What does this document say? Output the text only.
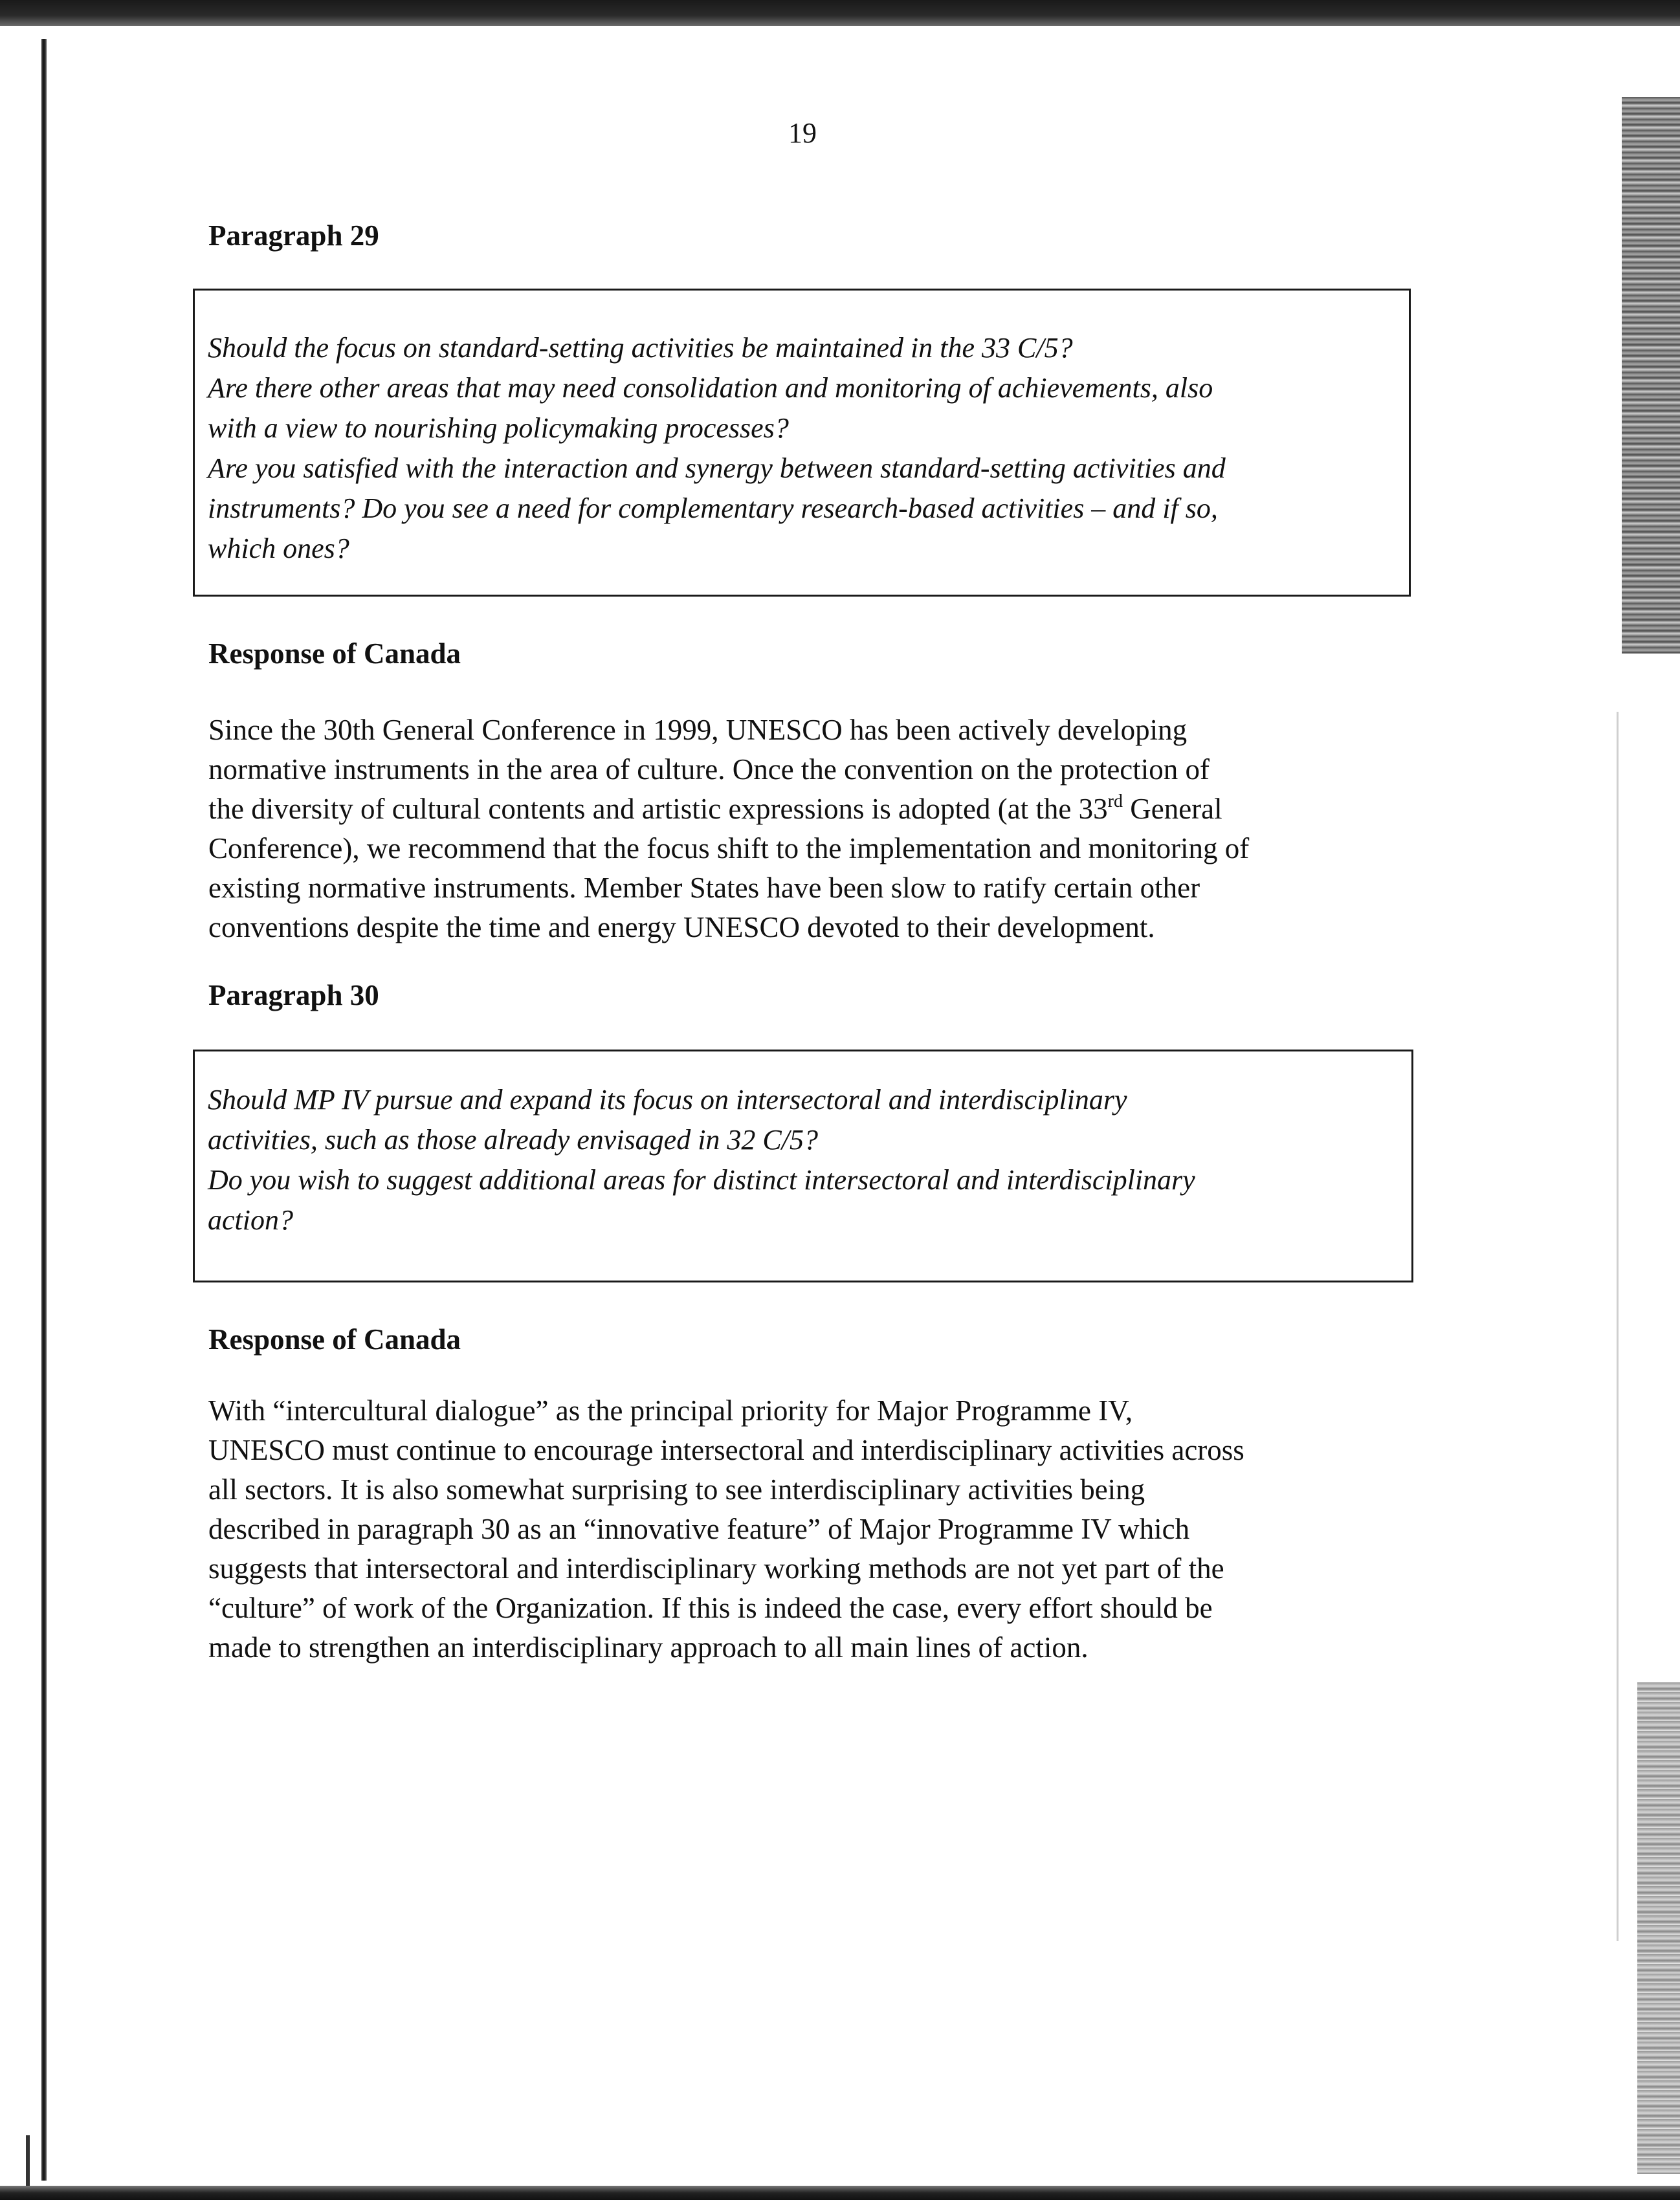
19
Paragraph 29
Should the focus on standard-setting activities be maintained in the 33 C/5?
Are there other areas that may need consolidation and monitoring of achievements, also
with a view to nourishing policymaking processes?
Are you satisfied with the interaction and synergy between standard-setting activities and
instruments? Do you see a need for complementary research-based activities – and if so,
which ones?
Response of Canada
Since the 30th General Conference in 1999, UNESCO has been actively developing
normative instruments in the area of culture. Once the convention on the protection of
the diversity of cultural contents and artistic expressions is adopted (at the 33rd General
Conference), we recommend that the focus shift to the implementation and monitoring of
existing normative instruments. Member States have been slow to ratify certain other
conventions despite the time and energy UNESCO devoted to their development.
Paragraph 30
Should MP IV pursue and expand its focus on intersectoral and interdisciplinary
activities, such as those already envisaged in 32 C/5?
Do you wish to suggest additional areas for distinct intersectoral and interdisciplinary
action?
Response of Canada
With “intercultural dialogue” as the principal priority for Major Programme IV,
UNESCO must continue to encourage intersectoral and interdisciplinary activities across
all sectors. It is also somewhat surprising to see interdisciplinary activities being
described in paragraph 30 as an “innovative feature” of Major Programme IV which
suggests that intersectoral and interdisciplinary working methods are not yet part of the
“culture” of work of the Organization. If this is indeed the case, every effort should be
made to strengthen an interdisciplinary approach to all main lines of action.
